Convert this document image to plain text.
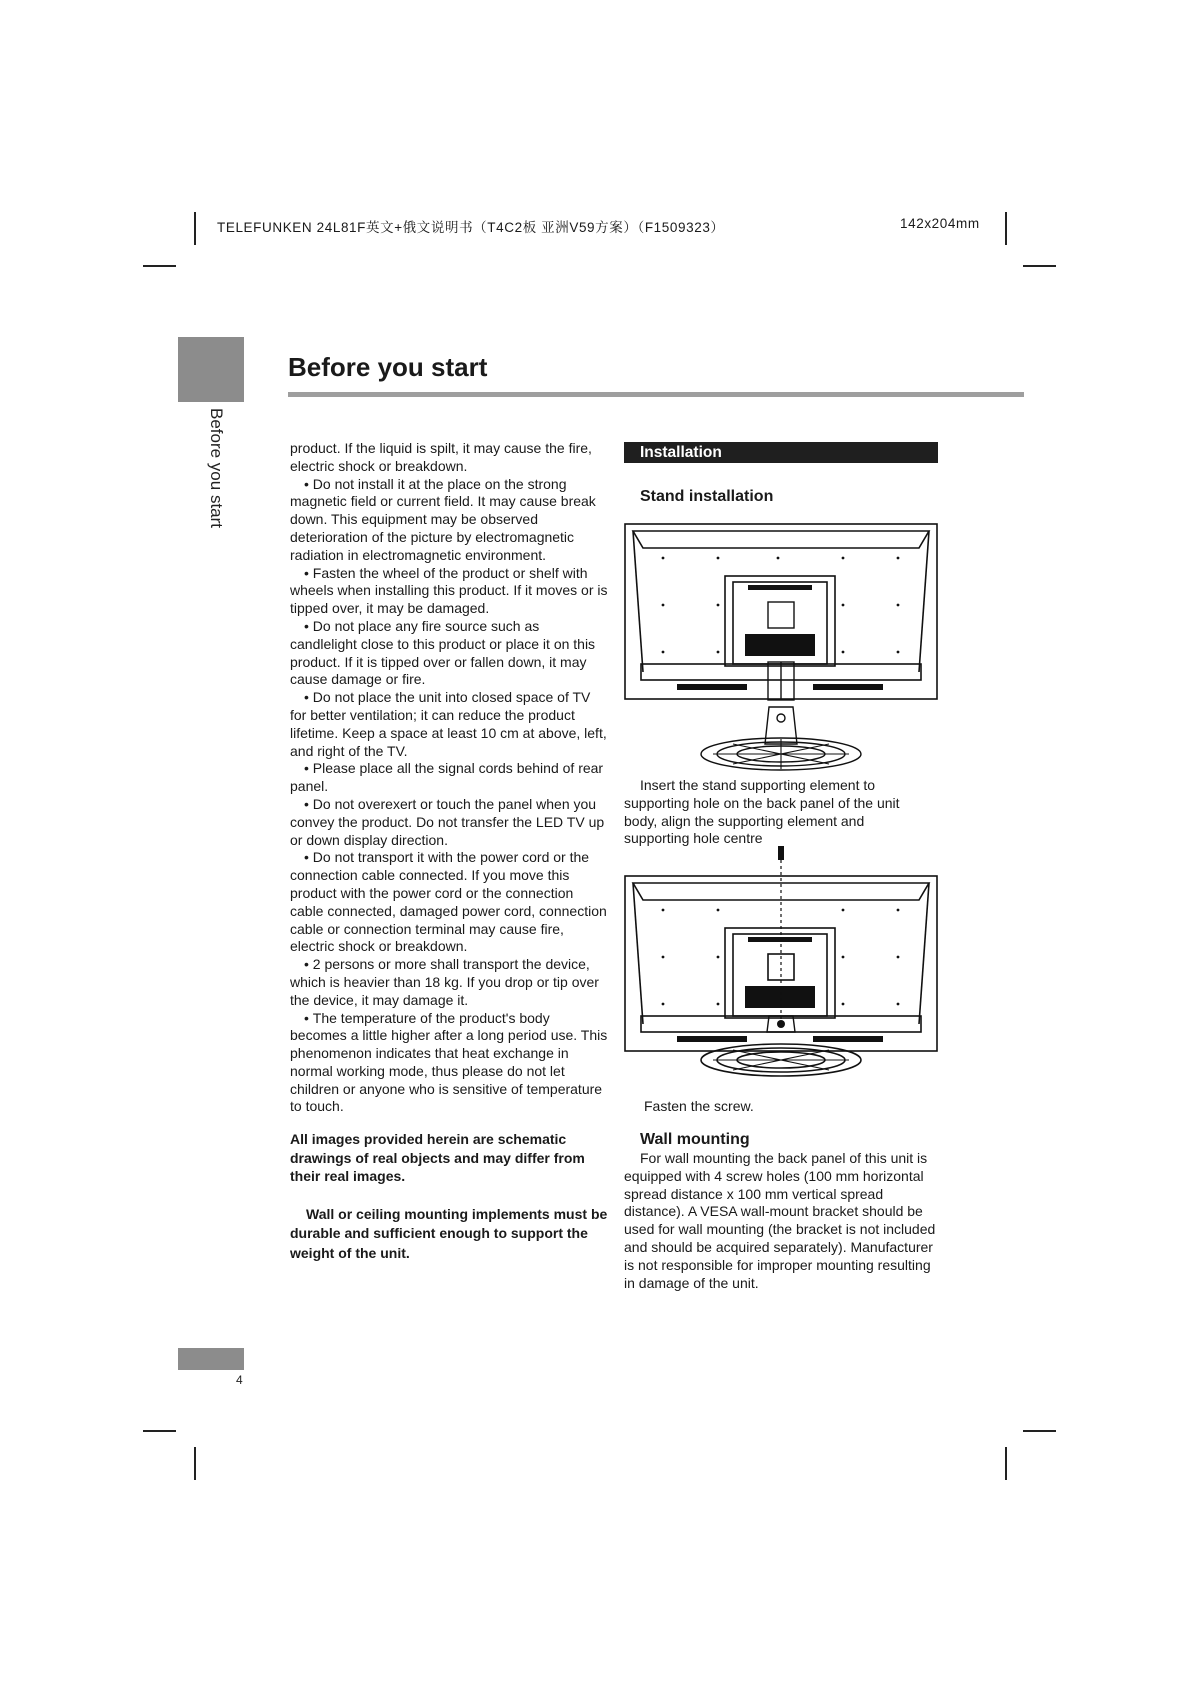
TELEFUNKEN 24L81F英文+俄文说明书（T4C2板 亚洲V59方案）（F1509323）	142x204mm
Before you start
Before you start

product. If the liquid is spilt, it may cause the fire, electric shock or breakdown.

• Do not install it at the place on the strong magnetic field or current field. It may cause break down. This equipment may be observed deterioration of the picture by electromagnetic radiation in electromagnetic environment.

• Fasten the wheel of the product or shelf with wheels when installing this product. If it moves or is tipped over, it may be damaged.

• Do not place any fire source such as candlelight close to this product or place it on this product. If it is tipped over or fallen down, it may cause damage or fire.

• Do not place the unit into closed space of TV for better ventilation; it can reduce the product lifetime. Keep a space at least 10 cm at above, left, and right of the TV.

• Please place all the signal cords behind of rear panel.

• Do not overexert or touch the panel when you convey the product. Do not transfer the LED TV up or down display direction.

• Do not transport it with the power cord or the connection cable connected. If you move this product with the power cord or the connection cable connected, damaged power cord, connection cable or connection terminal may cause fire, electric shock or breakdown.

• 2 persons or more shall transport the device, which is heavier than 18 kg. If you drop or tip over the device, it may damage it.

• The temperature of the product's body becomes a little higher after a long period use. This phenomenon indicates that heat exchange in normal working mode, thus please do not let children or anyone who is sensitive of temperature to touch.

All images provided herein are schematic drawings of real objects and may differ from their real images.

Wall or ceiling mounting implements must be durable and sufficient enough to support the weight of the unit.

Installation
Stand installation

Insert the stand supporting element to supporting hole on the back panel of the unit body, align the supporting element and supporting hole centre

Fasten the screw.
Wall mounting

For wall mounting the back panel of this unit is equipped with 4 screw holes (100 mm horizontal spread distance x 100 mm vertical spread distance). A VESA wall-mount bracket should be used for wall mounting (the bracket is not included and should be acquired separately). Manufacturer is not responsible for improper mounting resulting in damage of the unit.

4
